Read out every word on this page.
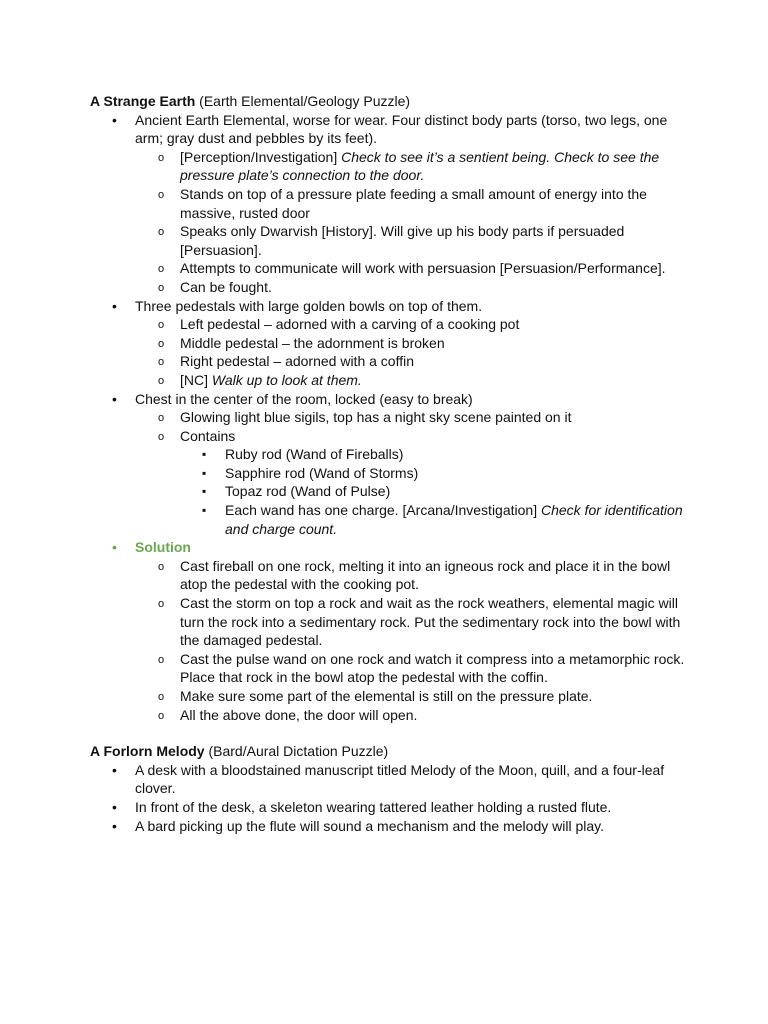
A Strange Earth (Earth Elemental/Geology Puzzle)

• Ancient Earth Elemental, worse for wear. Four distinct body parts (torso, two legs, one arm; gray dust and pebbles by its feet).
o [Perception/Investigation] Check to see it’s a sentient being. Check to see the pressure plate’s connection to the door.
o Stands on top of a pressure plate feeding a small amount of energy into the massive, rusted door
o Speaks only Dwarvish [History]. Will give up his body parts if persuaded [Persuasion].
o Attempts to communicate will work with persuasion [Persuasion/Performance].
o Can be fought.
• Three pedestals with large golden bowls on top of them.
o Left pedestal – adorned with a carving of a cooking pot
o Middle pedestal – the adornment is broken
o Right pedestal – adorned with a coffin
o [NC] Walk up to look at them.
• Chest in the center of the room, locked (easy to break)
o Glowing light blue sigils, top has a night sky scene painted on it
o Contains
▪ Ruby rod (Wand of Fireballs)
▪ Sapphire rod (Wand of Storms)
▪ Topaz rod (Wand of Pulse)
▪ Each wand has one charge. [Arcana/Investigation] Check for identification and charge count.
• Solution
o Cast fireball on one rock, melting it into an igneous rock and place it in the bowl atop the pedestal with the cooking pot.
o Cast the storm on top a rock and wait as the rock weathers, elemental magic will turn the rock into a sedimentary rock. Put the sedimentary rock into the bowl with the damaged pedestal.
o Cast the pulse wand on one rock and watch it compress into a metamorphic rock. Place that rock in the bowl atop the pedestal with the coffin.
o Make sure some part of the elemental is still on the pressure plate.
o All the above done, the door will open.

A Forlorn Melody (Bard/Aural Dictation Puzzle)

• A desk with a bloodstained manuscript titled Melody of the Moon, quill, and a four-leaf clover.
• In front of the desk, a skeleton wearing tattered leather holding a rusted flute.
• A bard picking up the flute will sound a mechanism and the melody will play.
